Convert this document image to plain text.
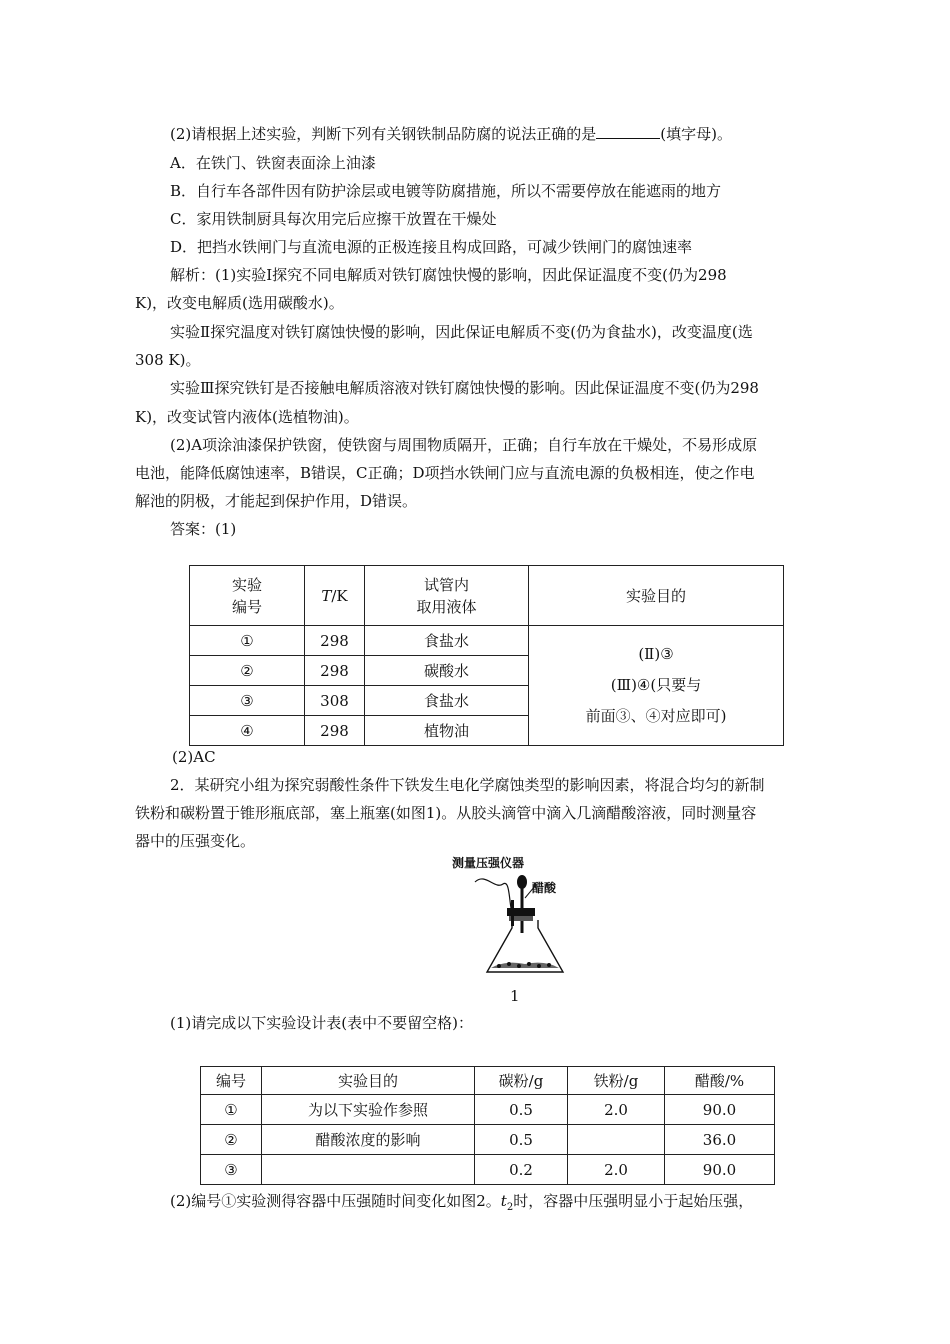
(2)请根据上述实验，判断下列有关钢铁制品防腐的说法正确的是	(填字母)。
A．在铁门、铁窗表面涂上油漆
B．自行车各部件因有防护涂层或电镀等防腐措施，所以不需要停放在能遮雨的地方
C．家用铁制厨具每次用完后应擦干放置在干燥处
D．把挡水铁闸门与直流电源的正极连接且构成回路，可减少铁闸门的腐蚀速率
解析：(1)实验Ⅰ探究不同电解质对铁钉腐蚀快慢的影响，因此保证温度不变(仍为298
K)，改变电解质(选用碳酸水)。
实验Ⅱ探究温度对铁钉腐蚀快慢的影响，因此保证电解质不变(仍为食盐水)，改变温度(选
308 K)。
实验Ⅲ探究铁钉是否接触电解质溶液对铁钉腐蚀快慢的影响。因此保证温度不变(仍为298
K)，改变试管内液体(选植物油)。
(2)A项涂油漆保护铁窗，使铁窗与周围物质隔开，正确；自行车放在干燥处，不易形成原
电池，能降低腐蚀速率，B错误，C正确；D项挡水铁闸门应与直流电源的负极相连，使之作电
解池的阴极，才能起到保护作用，D错误。
答案：(1)
实验
编号	T/K	试管内
取用液体	实验目的
①	298	食盐水	(Ⅱ)③
(Ⅲ)④(只要与
前面③、④对应即可)
②	298	碳酸水	
③	308	食盐水	
④	298	植物油	
(2)AC
2．某研究小组为探究弱酸性条件下铁发生电化学腐蚀类型的影响因素，将混合均匀的新制
铁粉和碳粉置于锥形瓶底部，塞上瓶塞(如图1)。从胶头滴管中滴入几滴醋酸溶液，同时测量容
器中的压强变化。
测量压强仪器
醋酸
1
(1)请完成以下实验设计表(表中不要留空格)：
编号	实验目的	碳粉/g	铁粉/g	醋酸/%
①	为以下实验作参照	0.5	2.0	90.0
②	醋酸浓度的影响	0.5		36.0
③		0.2	2.0	90.0
(2)编号①实验测得容器中压强随时间变化如图2。$t_2$时，容器中压强明显小于起始压强，
